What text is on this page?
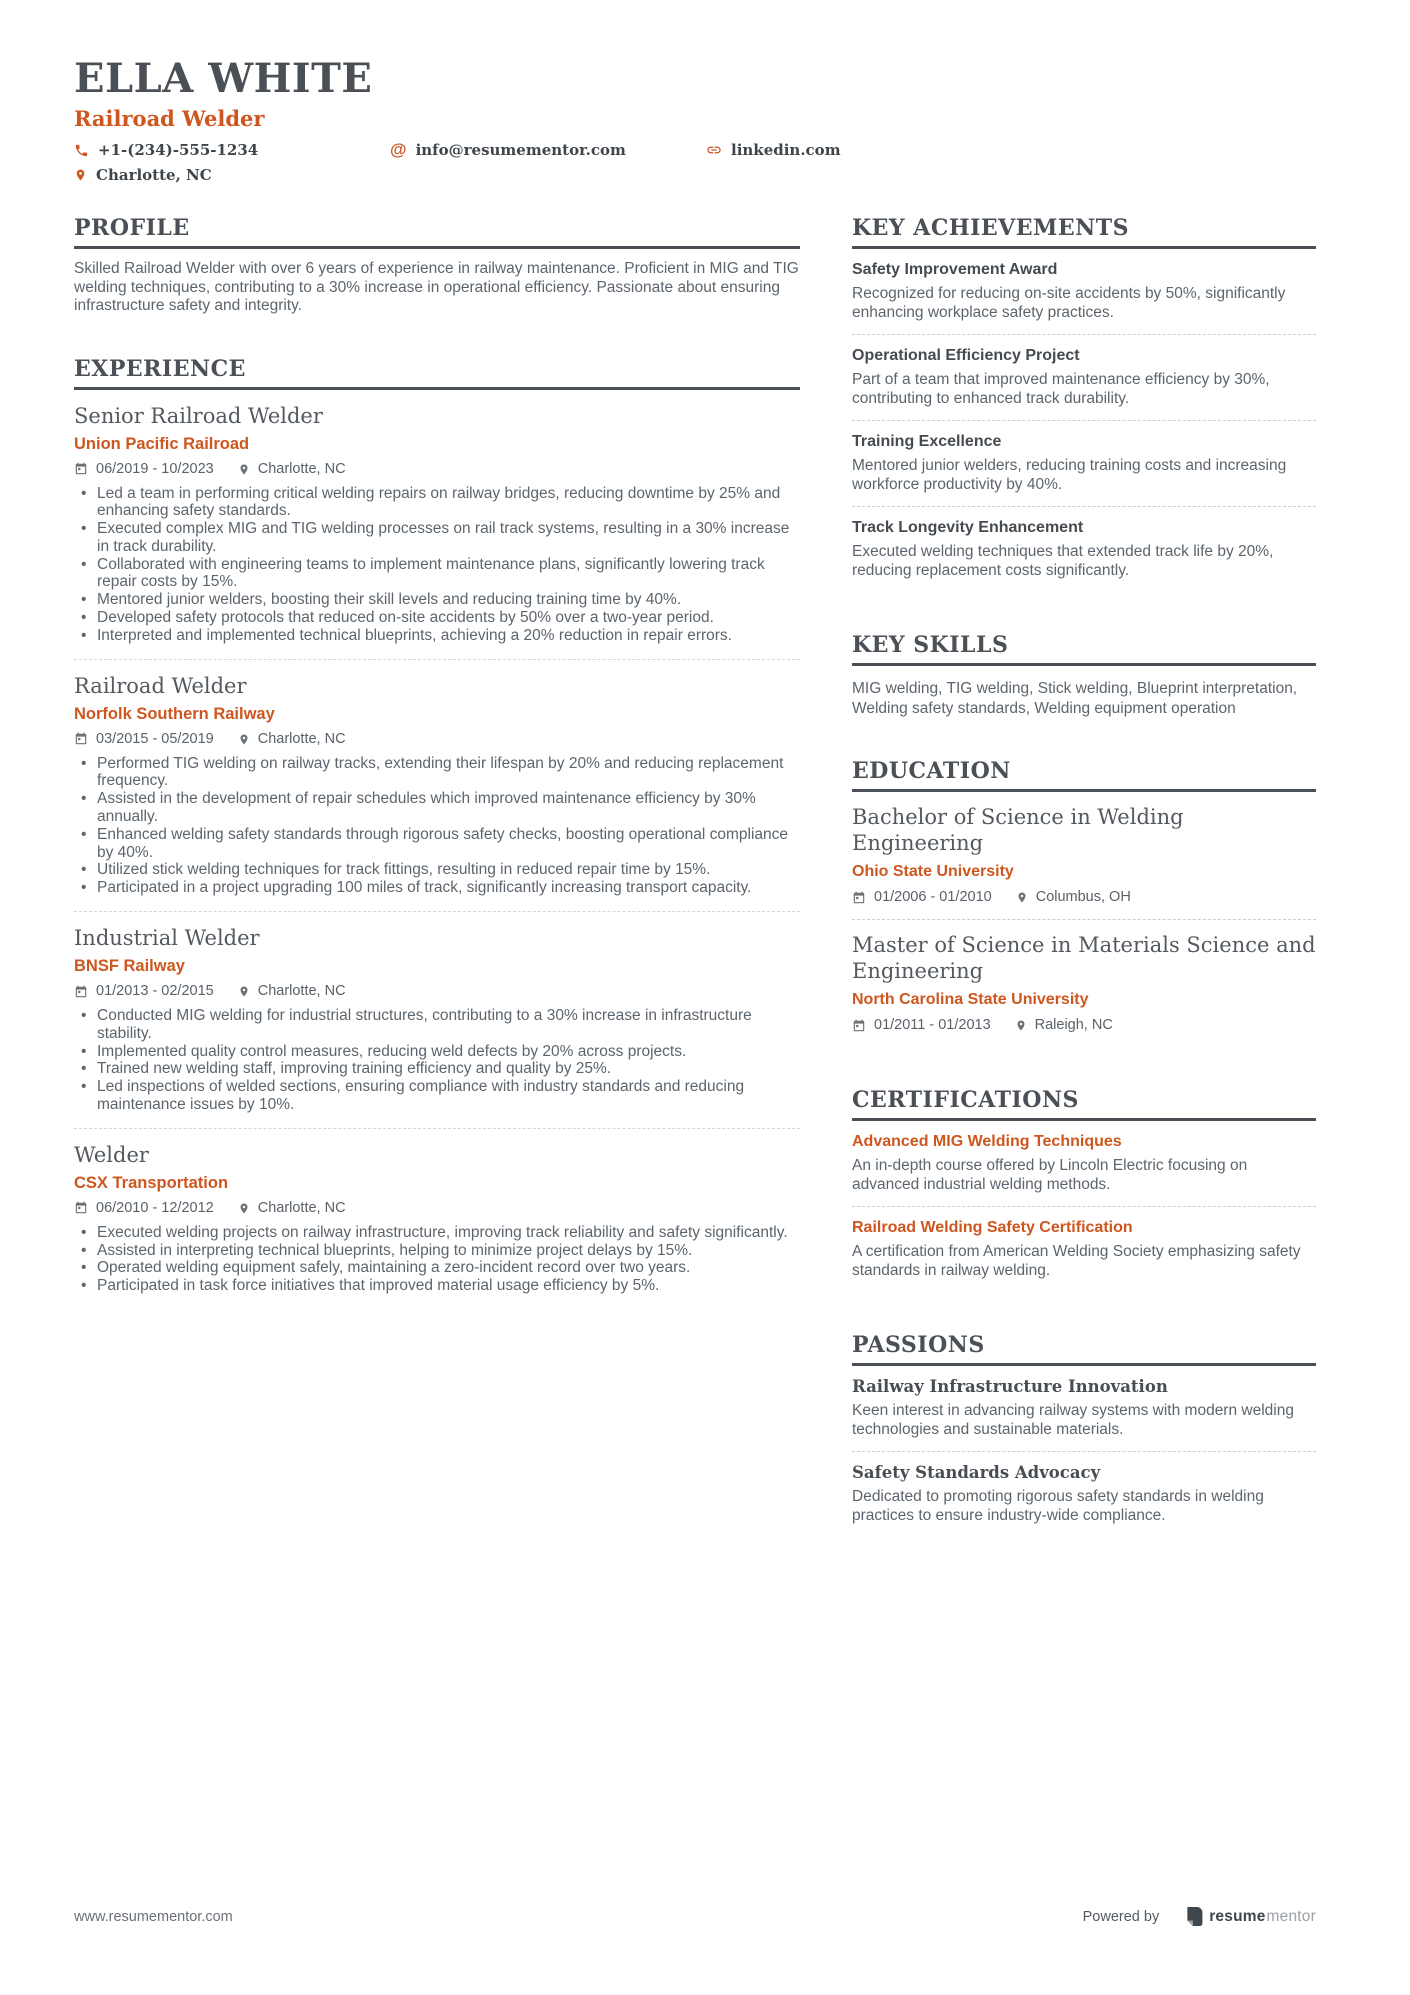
ELLA WHITE
Railroad Welder
+1-(234)-555-1234	@ info@resumementor.com	linkedin.com
Charlotte, NC
PROFILE

Skilled Railroad Welder with over 6 years of experience in railway maintenance. Proficient in MIG and TIG welding techniques, contributing to a 30% increase in operational efficiency. Passionate about ensuring infrastructure safety and integrity.

EXPERIENCE
Senior Railroad Welder
Union Pacific Railroad
06/2019 - 10/2023	Charlotte, NC
• Led a team in performing critical welding repairs on railway bridges, reducing downtime by 25% and enhancing safety standards.
• Executed complex MIG and TIG welding processes on rail track systems, resulting in a 30% increase in track durability.
• Collaborated with engineering teams to implement maintenance plans, significantly lowering track repair costs by 15%.
• Mentored junior welders, boosting their skill levels and reducing training time by 40%.
• Developed safety protocols that reduced on-site accidents by 50% over a two-year period.
• Interpreted and implemented technical blueprints, achieving a 20% reduction in repair errors.
Railroad Welder
Norfolk Southern Railway
03/2015 - 05/2019	Charlotte, NC
• Performed TIG welding on railway tracks, extending their lifespan by 20% and reducing replacement frequency.
• Assisted in the development of repair schedules which improved maintenance efficiency by 30% annually.
• Enhanced welding safety standards through rigorous safety checks, boosting operational compliance by 40%.
• Utilized stick welding techniques for track fittings, resulting in reduced repair time by 15%.
• Participated in a project upgrading 100 miles of track, significantly increasing transport capacity.
Industrial Welder
BNSF Railway
01/2013 - 02/2015	Charlotte, NC
• Conducted MIG welding for industrial structures, contributing to a 30% increase in infrastructure stability.
• Implemented quality control measures, reducing weld defects by 20% across projects.
• Trained new welding staff, improving training efficiency and quality by 25%.
• Led inspections of welded sections, ensuring compliance with industry standards and reducing maintenance issues by 10%.
Welder
CSX Transportation
06/2010 - 12/2012	Charlotte, NC
• Executed welding projects on railway infrastructure, improving track reliability and safety significantly.
• Assisted in interpreting technical blueprints, helping to minimize project delays by 15%.
• Operated welding equipment safely, maintaining a zero-incident record over two years.
• Participated in task force initiatives that improved material usage efficiency by 5%.
KEY ACHIEVEMENTS
Safety Improvement Award

Recognized for reducing on-site accidents by 50%, significantly enhancing workplace safety practices.

Operational Efficiency Project

Part of a team that improved maintenance efficiency by 30%, contributing to enhanced track durability.

Training Excellence

Mentored junior welders, reducing training costs and increasing workforce productivity by 40%.

Track Longevity Enhancement

Executed welding techniques that extended track life by 20%, reducing replacement costs significantly.

KEY SKILLS

MIG welding, TIG welding, Stick welding, Blueprint interpretation, Welding safety standards, Welding equipment operation

EDUCATION
Bachelor of Science in Welding Engineering
Ohio State University
01/2006 - 01/2010	Columbus, OH
Master of Science in Materials Science and Engineering
North Carolina State University
01/2011 - 01/2013	Raleigh, NC
CERTIFICATIONS
Advanced MIG Welding Techniques

An in-depth course offered by Lincoln Electric focusing on advanced industrial welding methods.

Railroad Welding Safety Certification

A certification from American Welding Society emphasizing safety standards in railway welding.

PASSIONS
Railway Infrastructure Innovation

Keen interest in advancing railway systems with modern welding technologies and sustainable materials.

Safety Standards Advocacy

Dedicated to promoting rigorous safety standards in welding practices to ensure industry-wide compliance.

www.resumementor.com	Powered by	resume mentor
